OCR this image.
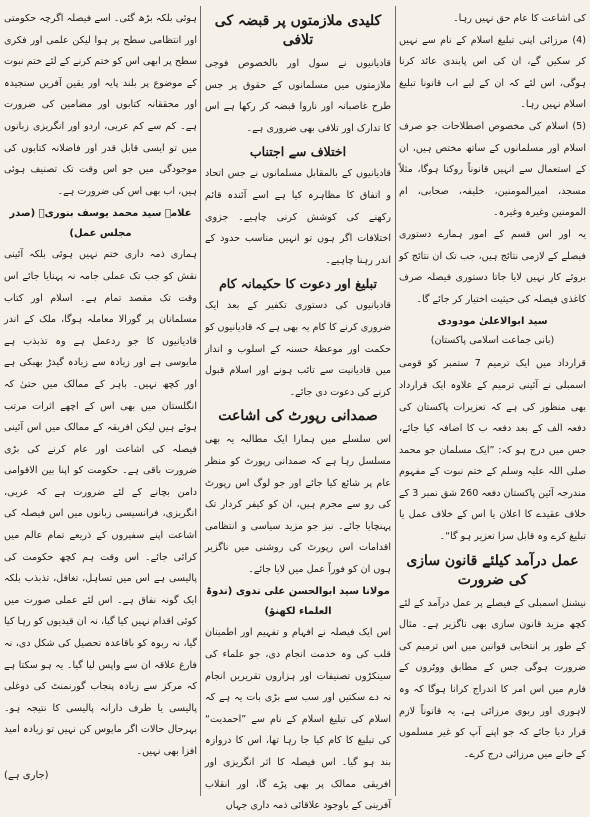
کی اشاعت کا عام حق نہیں رہا۔

(4) مرزائی اپنی تبلیغ اسلام کے نام سے نہیں کر سکیں گے، ان کی اس پابندی عائد کرنا ہوگی، اس لئے کہ ان کے لیے اب قانونا تبلیغ اسلام نہیں رہا۔

(5) اسلام کی مخصوص اصطلاحات جو صرف اسلام اور مسلمانوں کے ساتھ مختص ہیں، ان کے استعمال سے انہیں قانوناً روکنا ہوگا، مثلاً مسجد، امیرالمومنین، خلیفہ، صحابی، ام المومنین وغیرہ وغیرہ۔

یہ اور اس قسم کے امور ہمارے دستوری فیصلے کے لازمی نتائج ہیں، جب تک ان نتائج کو بروئے کار نہیں لایا جاتا دستوری فیصلہ صرف کاغذی فیصلہ کی حیثیت اختیار کر جائے گا۔

سید ابوالاعلیٰ مودودی
(بانی جماعت اسلامی پاکستان)

قرارداد میں ایک ترمیم 7 ستمبر کو قومی اسمبلی نے آئینی ترمیم کے علاوہ ایک قرارداد بھی منظور کی ہے کہ تعزیرات پاکستان کی دفعہ الف کے بعد دفعہ ب کا اضافہ کیا جائے، جس میں درج ہو کہ: ”ایک مسلمان جو محمد صلی اللہ علیہ وسلم کے ختم نبوت کے مفہوم مندرجہ آئین پاکستان دفعہ 260 شق نمبر 3 کے خلاف عقیدے کا اعلان یا اس کے خلاف عمل یا تبلیغ کرے وہ قابل سزا تعزیر ہو گا“۔

عمل درآمد کیلئے قانون سازی کی ضرورت

نیشنل اسمبلی کے فیصلے پر عمل درآمد کے لئے کچھ مزید قانون سازی بھی ناگزیر ہے۔ مثال کے طور پر انتخابی قوانین میں اس ترمیم کی ضرورت ہوگی جس کے مطابق ووٹروں کے فارم میں اس امر کا اندراج کرانا ہوگا کہ وہ لاہوری اور ربوی مرزائی ہے، یہ قانوناً لازم قرار دیا جائے کہ جو اپنے آپ کو غیر مسلموں کے خانے میں مرزائی درج کرے۔

کلیدی ملازمتوں پر قبضہ کی تلافی

قادیانیوں نے سول اور بالخصوص فوجی ملازمتوں میں مسلمانوں کے حقوق پر جس طرح غاصبانہ اور ناروا قبضہ کر رکھا ہے اس کا تدارک اور تلافی بھی ضروری ہے۔

اختلاف سے اجتناب

قادیانیوں کے بالمقابل مسلمانوں نے جس اتحاد و اتفاق کا مظاہرہ کیا ہے اسے آئندہ قائم رکھنے کی کوشش کرنی چاہیے۔ جزوی اختلافات اگر ہوں تو انہیں مناسب حدود کے اندر رہنا چاہیے۔

تبلیغ اور دعوت کا حکیمانہ کام

قادیانیوں کی دستوری تکفیر کے بعد ایک ضروری کرنے کا کام یہ بھی ہے کہ قادیانیوں کو حکمت اور موعظۂ حسنہ کے اسلوب و انداز میں قادیانیت سے تائب ہونے اور اسلام قبول کرنے کی دعوت دی جائے۔

صمدانی رپورٹ کی اشاعت

اس سلسلے میں ہمارا ایک مطالبہ یہ بھی مسلسل رہا ہے کہ صمدانی رپورٹ کو منظر عام پر شائع کیا جائے اور جو لوگ اس رپورٹ کی رو سے مجرم ہیں، ان کو کیفر کردار تک پہنچایا جائے۔ نیز جو مزید سیاسی و انتظامی اقدامات اس رپورٹ کی روشنی میں ناگزیر ہوں ان کو فوراً عمل میں لایا جائے۔

مولانا سید ابوالحسن علی ندوی (ندوۃ العلماء لکھنؤ)

اس ایک فیصلہ نے افہام و تفہیم اور اطمینان قلب کی وہ خدمت انجام دی، جو علماء کی سینکڑوں تصنیفات اور ہزاروں تقریریں انجام نہ دے سکتیں اور سب سے بڑی بات یہ ہے کہ اسلام کی تبلیغ اسلام کے نام سے ”احمدیت“ کی تبلیغ کا کام کیا جا رہا تھا، اس کا دروازہ بند ہو گیا۔ اس فیصلہ کا اثر انگریزی اور افریقی ممالک پر بھی پڑے گا، اور انقلاب آفرینی کے باوجود علاقائی ذمہ داری جہاں

ہوئی بلکہ بڑھ گئی۔ اسے فیصلہ اگرچہ حکومتی اور انتظامی سطح پر ہوا لیکن علمی اور فکری سطح پر ابھی اس کو ختم کرنے کے لئے ختم نبوت کے موضوع پر بلند پایہ اور یقین آفریں سنجیدہ اور محققانہ کتابوں اور مضامین کی ضرورت ہے۔ کم سے کم عربی، اردو اور انگریزی زبانوں میں تو ایسی قابل قدر اور فاضلانہ کتابوں کی موجودگی میں جو اس وقت تک تصنیف ہوئی ہیں، اب بھی اس کی ضرورت ہے۔

علامہ سید محمد یوسف بنوریؒ (صدر مجلس عمل)

ہماری ذمہ داری ختم نہیں ہوئی بلکہ آئینی نقش کو جب تک عملی جامہ نہ پہنایا جائے اس وقت تک مقصد تمام ہے۔ اسلام اور کتاب مسلمانان پر گورالا معاملہ ہوگا، ملک کے اندر قادیانیوں کا جو ردعمل ہے وہ تذبذب ہے مایوسی ہے اور زیادہ سے زیادہ گیدڑ بھبکی ہے اور کچھ نہیں۔ باہر کے ممالک میں حتیٰ کہ انگلستان میں بھی اس کے اچھے اثرات مرتب ہوئے ہیں لیکن افریقہ کے ممالک میں اس آئینی فیصلہ کی اشاعت اور عام کرنے کی بڑی ضرورت باقی ہے۔ حکومت کو اپنا بین الاقوامی دامن بچانے کے لئے ضرورت ہے کہ عربی، انگریزی، فرانسیسی زبانوں میں اس فیصلہ کی اشاعت اپنے سفیروں کے ذریعے تمام عالم میں کرائی جائے۔ اس وقت ہم کچھ حکومت کی پالیسی ہے اس میں تساہل، تغافل، تذبذب بلکہ ایک گونہ نفاق ہے۔ اس لئے عملی صورت میں کوئی اقدام نہیں کیا گیا، نہ ان قیدیوں کو رہا کیا گیا، نہ ربوہ کو باقاعدہ تحصیل کی شکل دی، نہ فارغ علاقہ ان سے واپس لیا گیا۔ یہ ہو سکتا ہے کہ مرکز سے زیادہ پنجاب گورنمنٹ کی دوغلی پالیسی یا طرف دارانہ پالیسی کا نتیجہ ہو۔ بہرحال حالات اگر مایوس کن نہیں تو زیادہ امید افزا بھی نہیں۔

(جاری ہے)
